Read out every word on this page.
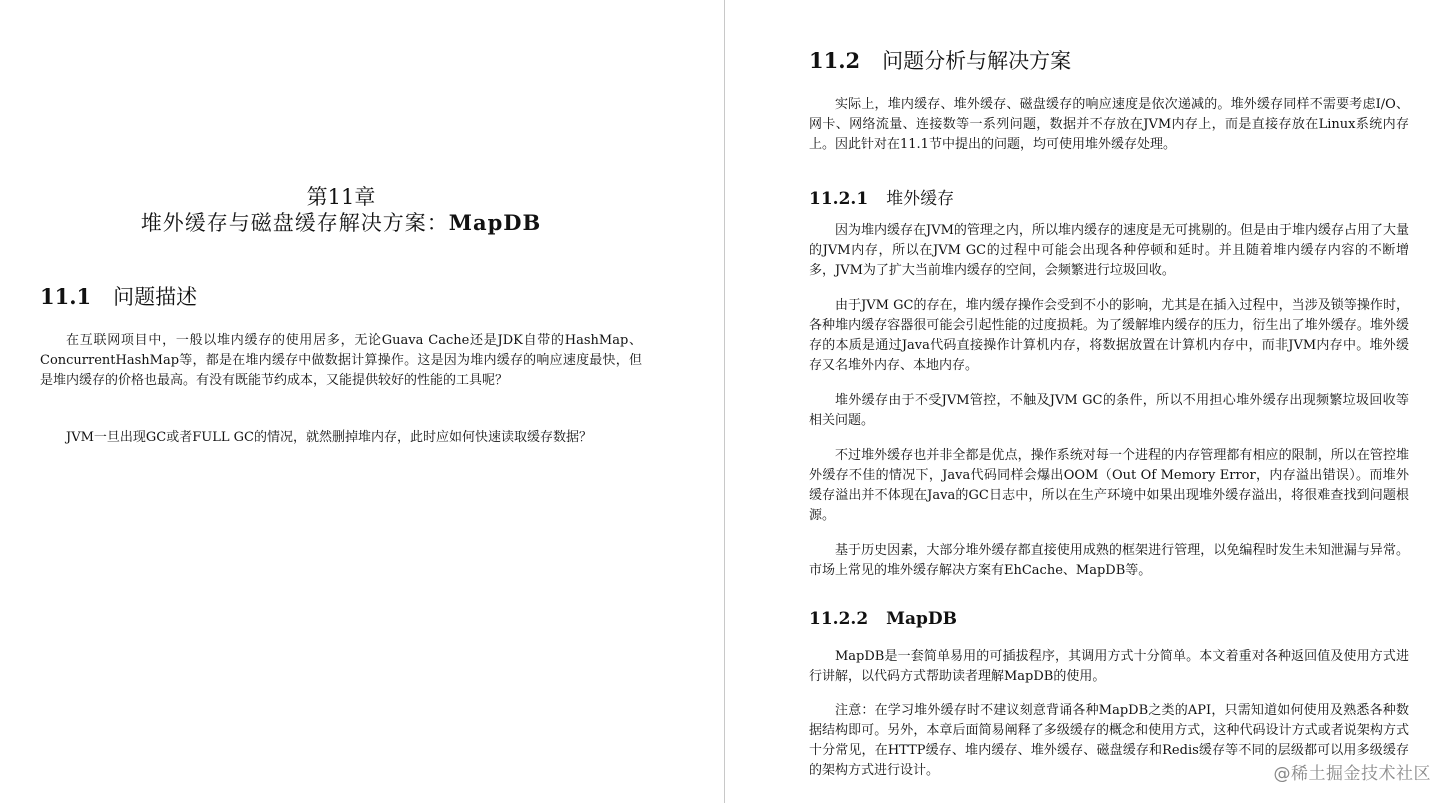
第11章
堆外缓存与磁盘缓存解决方案：MapDB
11.1 问题描述

在互联网项目中，一般以堆内缓存的使用居多，无论Guava Cache还是JDK自带的HashMap、ConcurrentHashMap等，都是在堆内缓存中做数据计算操作。这是因为堆内缓存的响应速度最快，但是堆内缓存的价格也最高。有没有既能节约成本，又能提供较好的性能的工具呢？

JVM一旦出现GC或者FULL GC的情况，就然删掉堆内存，此时应如何快速读取缓存数据？

11.2 问题分析与解决方案

实际上，堆内缓存、堆外缓存、磁盘缓存的响应速度是依次递减的。堆外缓存同样不需要考虑I/O、网卡、网络流量、连接数等一系列问题，数据并不存放在JVM内存上，而是直接存放在Linux系统内存上。因此针对在11.1节中提出的问题，均可使用堆外缓存处理。

11.2.1 堆外缓存

因为堆内缓存在JVM的管理之内，所以堆内缓存的速度是无可挑剔的。但是由于堆内缓存占用了大量的JVM内存，所以在JVM GC的过程中可能会出现各种停顿和延时。并且随着堆内缓存内容的不断增多，JVM为了扩大当前堆内缓存的空间，会频繁进行垃圾回收。

由于JVM GC的存在，堆内缓存操作会受到不小的影响，尤其是在插入过程中，当涉及锁等操作时，各种堆内缓存容器很可能会引起性能的过度损耗。为了缓解堆内缓存的压力，衍生出了堆外缓存。堆外缓存的本质是通过Java代码直接操作计算机内存，将数据放置在计算机内存中，而非JVM内存中。堆外缓存又名堆外内存、本地内存。

堆外缓存由于不受JVM管控，不触及JVM GC的条件，所以不用担心堆外缓存出现频繁垃圾回收等相关问题。

不过堆外缓存也并非全都是优点，操作系统对每一个进程的内存管理都有相应的限制，所以在管控堆外缓存不佳的情况下，Java代码同样会爆出OOM（Out Of Memory Error，内存溢出错误）。而堆外缓存溢出并不体现在Java的GC日志中，所以在生产环境中如果出现堆外缓存溢出，将很难查找到问题根源。

基于历史因素，大部分堆外缓存都直接使用成熟的框架进行管理，以免编程时发生未知泄漏与异常。市场上常见的堆外缓存解决方案有EhCache、MapDB等。

11.2.2 MapDB

MapDB是一套简单易用的可插拔程序，其调用方式十分简单。本文着重对各种返回值及使用方式进行讲解，以代码方式帮助读者理解MapDB的使用。

注意：在学习堆外缓存时不建议刻意背诵各种MapDB之类的API，只需知道如何使用及熟悉各种数据结构即可。另外，本章后面简易阐释了多级缓存的概念和使用方式，这种代码设计方式或者说架构方式十分常见，在HTTP缓存、堆内缓存、堆外缓存、磁盘缓存和Redis缓存等不同的层级都可以用多级缓存的架构方式进行设计。	@稀土掘金技术社区
